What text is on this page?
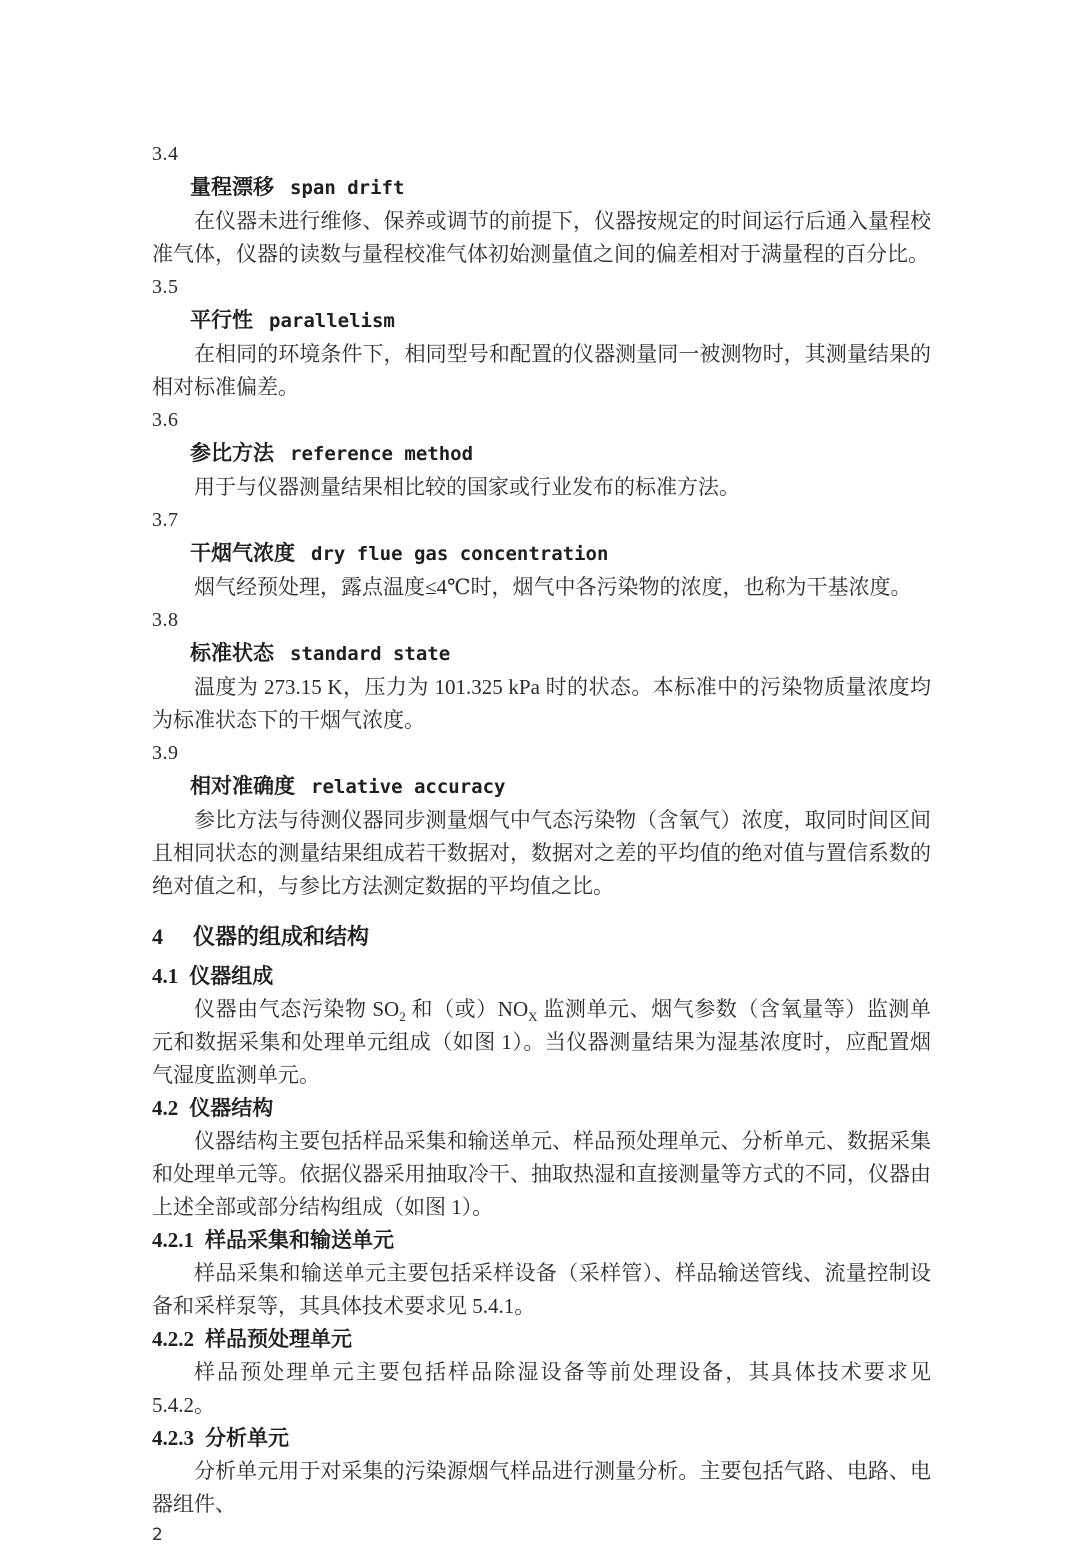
3.4

量程漂移 span drift

在仪器未进行维修、保养或调节的前提下，仪器按规定的时间运行后通入量程校准气体，仪器的读数与量程校准气体初始测量值之间的偏差相对于满量程的百分比。

3.5

平行性 parallelism

在相同的环境条件下，相同型号和配置的仪器测量同一被测物时，其测量结果的相对标准偏差。

3.6

参比方法 reference method

用于与仪器测量结果相比较的国家或行业发布的标准方法。

3.7

干烟气浓度 dry flue gas concentration

烟气经预处理，露点温度≤4℃时，烟气中各污染物的浓度，也称为干基浓度。

3.8

标准状态 standard state

温度为 273.15 K，压力为 101.325 kPa 时的状态。本标准中的污染物质量浓度均为标准状态下的干烟气浓度。

3.9

相对准确度 relative accuracy

参比方法与待测仪器同步测量烟气中气态污染物（含氧气）浓度，取同时间区间且相同状态的测量结果组成若干数据对，数据对之差的平均值的绝对值与置信系数的绝对值之和，与参比方法测定数据的平均值之比。

4 仪器的组成和结构

4.1 仪器组成

仪器由气态污染物 $SO_2$ 和（或）$NO_X$ 监测单元、烟气参数（含氧量等）监测单元和数据采集和处理单元组成（如图 1）。当仪器测量结果为湿基浓度时，应配置烟气湿度监测单元。

4.2 仪器结构

仪器结构主要包括样品采集和输送单元、样品预处理单元、分析单元、数据采集和处理单元等。依据仪器采用抽取冷干、抽取热湿和直接测量等方式的不同，仪器由上述全部或部分结构组成（如图 1）。

4.2.1 样品采集和输送单元

样品采集和输送单元主要包括采样设备（采样管）、样品输送管线、流量控制设备和采样泵等，其具体技术要求见 5.4.1。

4.2.2 样品预处理单元

样品预处理单元主要包括样品除湿设备等前处理设备，其具体技术要求见 5.4.2。

4.2.3 分析单元

分析单元用于对采集的污染源烟气样品进行测量分析。主要包括气路、电路、电器组件、

2
